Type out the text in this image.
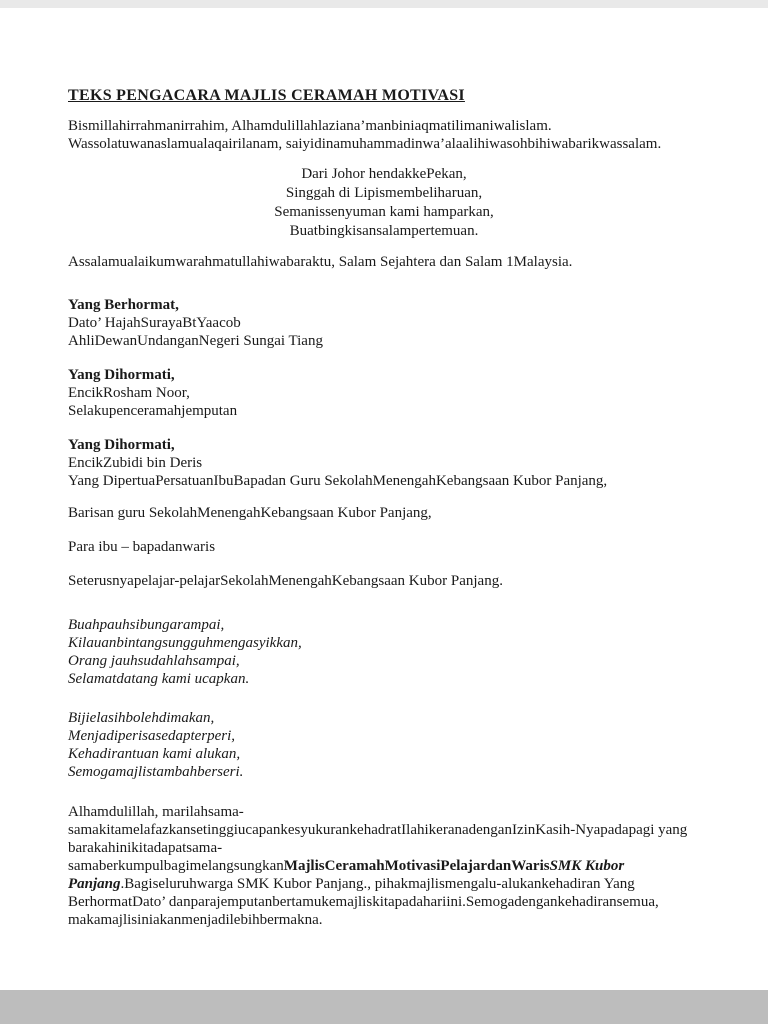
TEKS PENGACARA MAJLIS CERAMAH MOTIVASI

Bismillahirrahmanirrahim, Alhamdulillahlaziana’manbiniaqmatilimaniwalislam. Wassolatuwanaslamualaqairilanam, saiyidinamuhammadinwa’alaalihiwasohbihiwabarikwassalam.

Dari Johor hendakkePekan,
Singgah di Lipismembeliharuan,
Semanissenyuman kami hamparkan,
Buatbingkisansalampertemuan.

Assalamualaikumwarahmatullahiwabaraktu, Salam Sejahtera dan Salam 1Malaysia.

Yang Berhormat,
Dato’ HajahSurayaBtYaacob
AhliDewanUndanganNegeri Sungai Tiang
Yang Dihormati,
EncikRosham Noor,
Selakupenceramahjemputan
Yang Dihormati,
EncikZubidi bin Deris
Yang DipertuaPersatuanIbuBapadan Guru SekolahMenengahKebangsaan Kubor Panjang,

Barisan guru SekolahMenengahKebangsaan Kubor Panjang,

Para ibu – bapadanwaris

Seterusnyapelajar-pelajarSekolahMenengahKebangsaan Kubor Panjang.

Buahpauhsibungarampai,
Kilauanbintangsungguhmengasyikkan,
Orang jauhsudahlahsampai,
Selamatdatang kami ucapkan.
Bijielasihbolehdimakan,
Menjadiperisasedapterperi,
Kehadirantuan kami alukan,
Semogamajlistambahberseri.

Alhamdulillah, marilahsama-samakitamelafazkansetinggiucapankesyukurankehadratIlahikeranadenganIzinKasih-Nyapadapagi yang barakahinikitadapatsama-samaberkumpulbagimelangsungkanMajlisCeramahMotivasiPelajardanWarisSMK Kubor Panjang.Bagiseluruhwarga SMK Kubor Panjang., pihakmajlismengalu-alukankehadiran Yang BerhormatDato’ danparajemputanbertamukemajliskitapadahariini.Semogadengankehadiransemua, makamajlisiniakanmenjadilebihbermakna.
